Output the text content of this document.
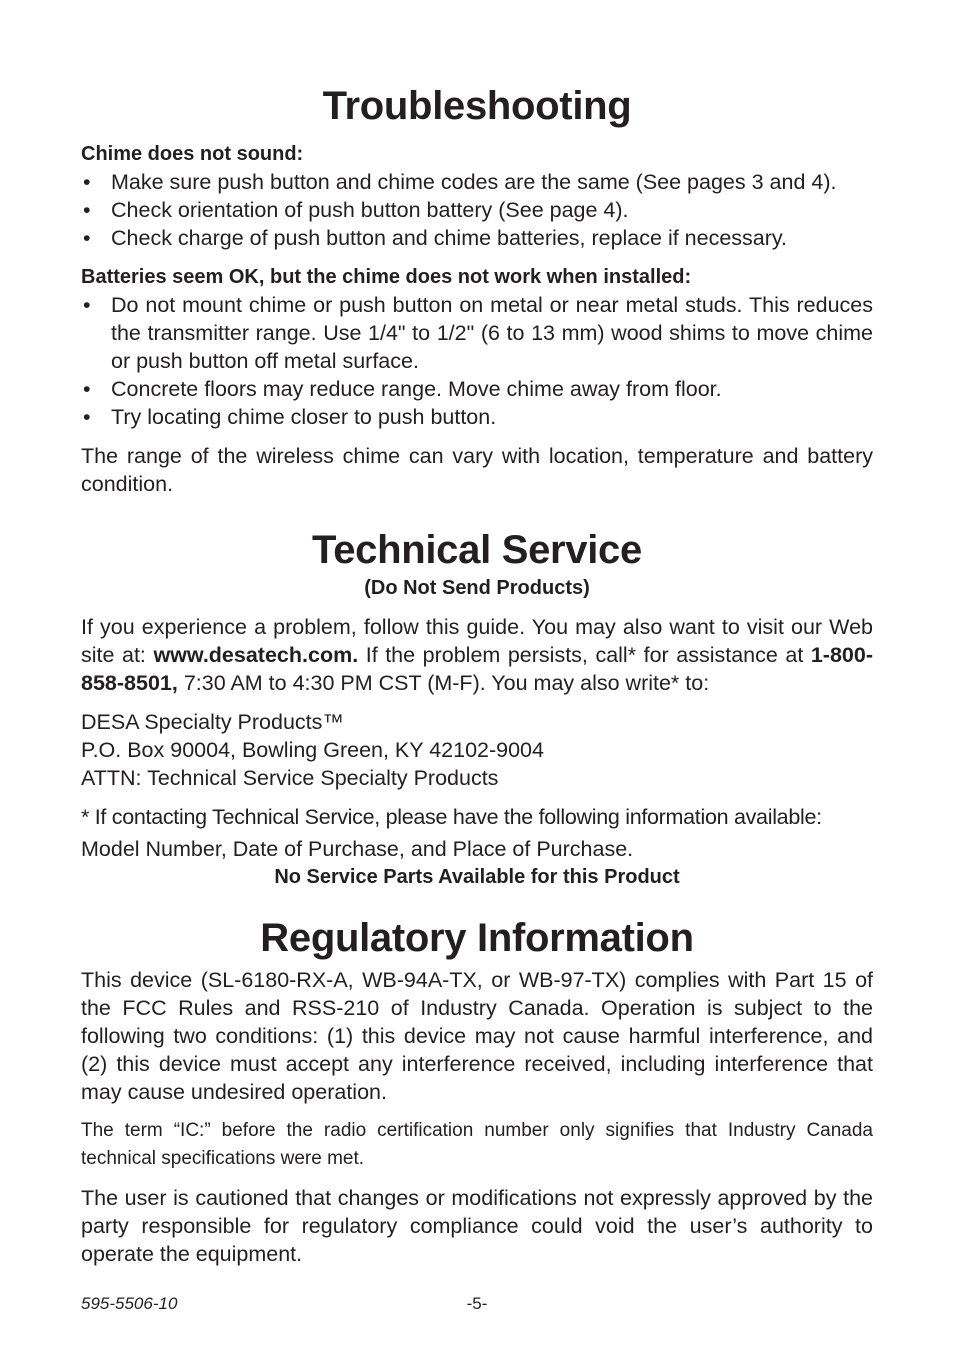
Troubleshooting
Chime does not sound:
• Make sure push button and chime codes are the same (See pages 3 and 4).
• Check orientation of push button battery (See page 4).
• Check charge of push button and chime batteries, replace if necessary.
Batteries seem OK, but the chime does not work when installed:
• Do not mount chime or push button on metal or near metal studs. This reduces the transmitter range. Use 1/4" to 1/2" (6 to 13 mm) wood shims to move chime or push button off metal surface.
• Concrete floors may reduce range. Move chime away from floor.
• Try locating chime closer to push button.

The range of the wireless chime can vary with location, temperature and battery condition.

Technical Service
(Do Not Send Products)

If you experience a problem, follow this guide. You may also want to visit our Web site at: www.desatech.com. If the problem persists, call* for assistance at 1-800-858-8501, 7:30 AM to 4:30 PM CST (M-F). You may also write* to:

DESA Specialty Products™

P.O. Box 90004, Bowling Green, KY 42102-9004

ATTN: Technical Service Specialty Products

* If contacting Technical Service, please have the following information available:

Model Number, Date of Purchase, and Place of Purchase.

No Service Parts Available for this Product
Regulatory Information

This device (SL-6180-RX-A, WB-94A-TX, or WB-97-TX) complies with Part 15 of the FCC Rules and RSS-210 of Industry Canada. Operation is subject to the following two conditions: (1) this device may not cause harmful interference, and (2) this device must accept any interference received, including interference that may cause undesired operation.

The term “IC:” before the radio certification number only signifies that Industry Canada technical specifications were met.

The user is cautioned that changes or modifications not expressly approved by the party responsible for regulatory compliance could void the user’s authority to operate the equipment.

595-5506-10	-5-
